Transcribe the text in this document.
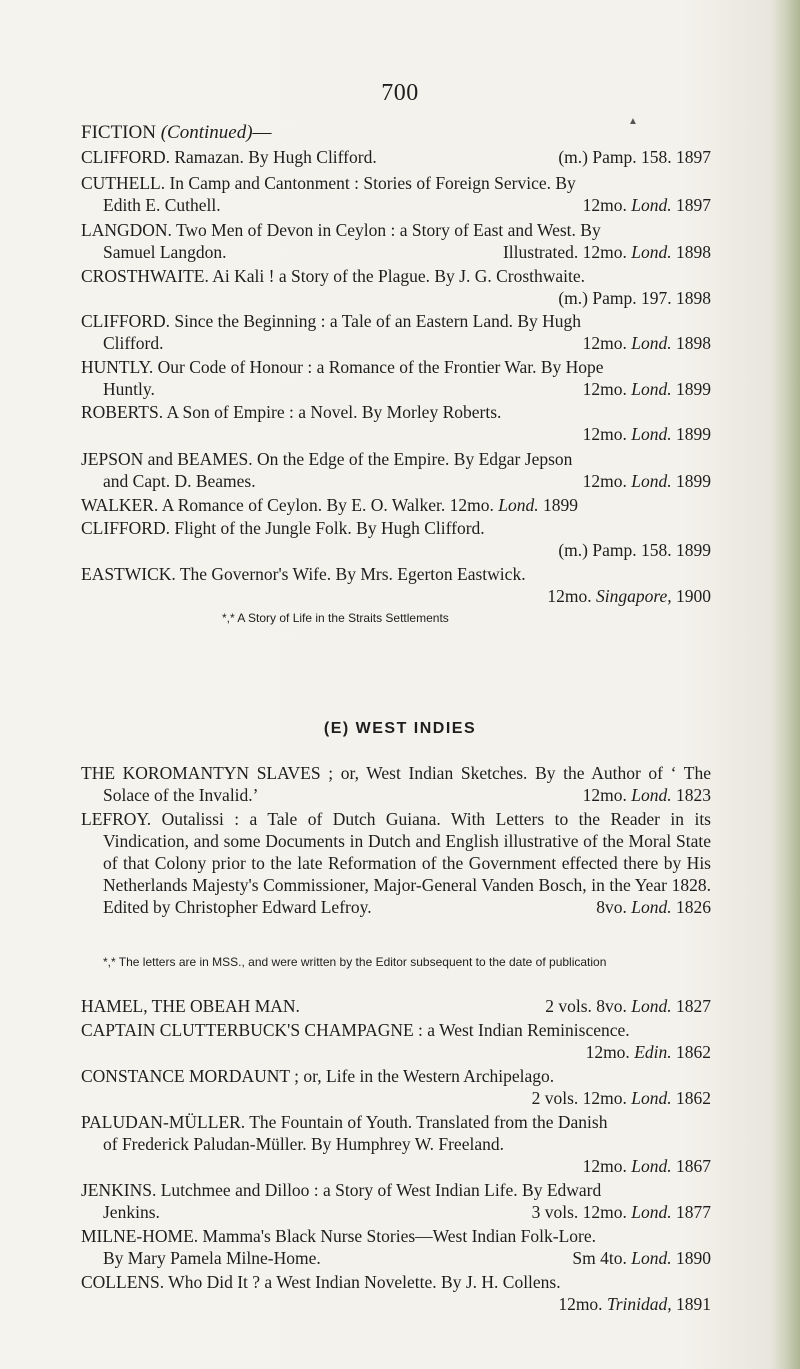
700
▲
FICTION (Continued)—
CLIFFORD. Ramazan. By Hugh Clifford.	(m.) Pamp. 158. 1897
CUTHELL. In Camp and Cantonment : Stories of Foreign Service. By
Edith E. Cuthell.	12mo. Lond. 1897
LANGDON. Two Men of Devon in Ceylon : a Story of East and West. By
Samuel Langdon.	Illustrated. 12mo. Lond. 1898
CROSTHWAITE. Ai Kali ! a Story of the Plague. By J. G. Crosthwaite.
(m.) Pamp. 197. 1898

CLIFFORD. Since the Beginning : a Tale of an Eastern Land. By Hugh
Clifford.	12mo. Lond. 1898
HUNTLY. Our Code of Honour : a Romance of the Frontier War. By Hope
Huntly.	12mo. Lond. 1899
ROBERTS. A Son of Empire : a Novel. By Morley Roberts.
12mo. Lond. 1899

JEPSON and BEAMES. On the Edge of the Empire. By Edgar Jepson
and Capt. D. Beames.	12mo. Lond. 1899
WALKER. A Romance of Ceylon. By E. O. Walker. 12mo. Lond. 1899
CLIFFORD. Flight of the Jungle Folk. By Hugh Clifford.
(m.) Pamp. 158. 1899

EASTWICK. The Governor's Wife. By Mrs. Egerton Eastwick.
12mo. Singapore, 1900

*,* A Story of Life in the Straits Settlements
(E) WEST INDIES
THE KOROMANTYN SLAVES ; or, West Indian Sketches. By the Author of ‘ The Solace of the Invalid.’	12mo. Lond. 1823
LEFROY. Outalissi : a Tale of Dutch Guiana. With Letters to the Reader in its Vindication, and some Documents in Dutch and English illustrative of the Moral State of that Colony prior to the late Reformation of the Government effected there by His Netherlands Majesty's Commissioner, Major-General Vanden Bosch, in the Year 1828. Edited by Christopher Edward Lefroy.	8vo. Lond. 1826
*,* The letters are in MSS., and were written by the Editor subsequent to the date of publication
HAMEL, THE OBEAH MAN.	2 vols. 8vo. Lond. 1827
CAPTAIN CLUTTERBUCK'S CHAMPAGNE : a West Indian Reminiscence.
12mo. Edin. 1862

CONSTANCE MORDAUNT ; or, Life in the Western Archipelago.
2 vols. 12mo. Lond. 1862

PALUDAN-MÜLLER. The Fountain of Youth. Translated from the Danish
of Frederick Paludan-Müller. By Humphrey W. Freeland.
12mo. Lond. 1867

JENKINS. Lutchmee and Dilloo : a Story of West Indian Life. By Edward
Jenkins.	3 vols. 12mo. Lond. 1877
MILNE-HOME. Mamma's Black Nurse Stories—West Indian Folk-Lore.
By Mary Pamela Milne-Home.	Sm 4to. Lond. 1890
COLLENS. Who Did It ? a West Indian Novelette. By J. H. Collens.
12mo. Trinidad, 1891
